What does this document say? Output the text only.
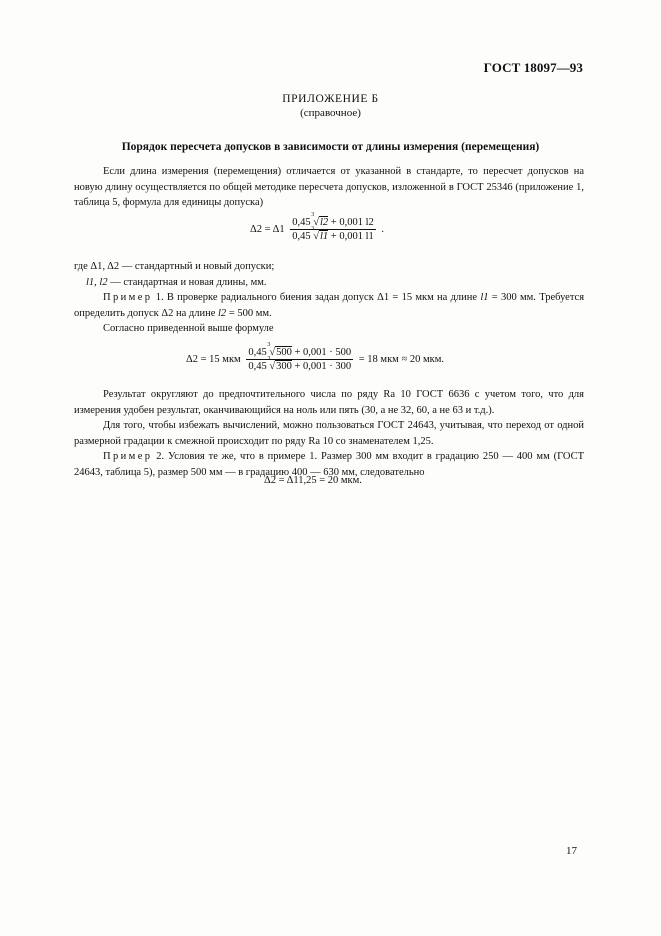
ГОСТ 18097—93
ПРИЛОЖЕНИЕ Б
(справочное)
Порядок пересчета допусков в зависимости от длины измерения (перемещения)
Если длина измерения (перемещения) отличается от указанной в стандарте, то пересчет допусков на новую длину осуществляется по общей методике пересчета допусков, изложенной в ГОСТ 25346 (приложение 1, таблица 5, формула для единицы допуска)
Δ2 = Δ1 0,45
3
√l2 + 0,001 l2
0,45
3
√l1 + 0,001 l1 .
где Δ1, Δ2 — стандартный и новый допуски;
l1, l2 — стандартная и новая длины, мм.
Пример 1. В проверке радиального биения задан допуск Δ1 = 15 мкм на длине l1 = 300 мм. Требуется определить допуск Δ2 на длине l2 = 500 мм.
Согласно приведенной выше формуле
Δ2 = 15 мкм 0,45
3
√500 + 0,001 · 500
0,45
3
√300 + 0,001 · 300 = 18 мкм ≈ 20 мкм.
Результат округляют до предпочтительного числа по ряду Ra 10 ГОСТ 6636 с учетом того, что для измерения удобен результат, оканчивающийся на ноль или пять (30, а не 32, 60, а не 63 и т.д.).
Для того, чтобы избежать вычислений, можно пользоваться ГОСТ 24643, учитывая, что переход от одной размерной градации к смежной происходит по ряду Ra 10 со знаменателем 1,25.
Пример 2. Условия те же, что в примере 1. Размер 300 мм входит в градацию 250 — 400 мм (ГОСТ 24643, таблица 5), размер 500 мм — в градацию 400 — 630 мм, следовательно
Δ2 = Δ11,25 = 20 мкм.
17
